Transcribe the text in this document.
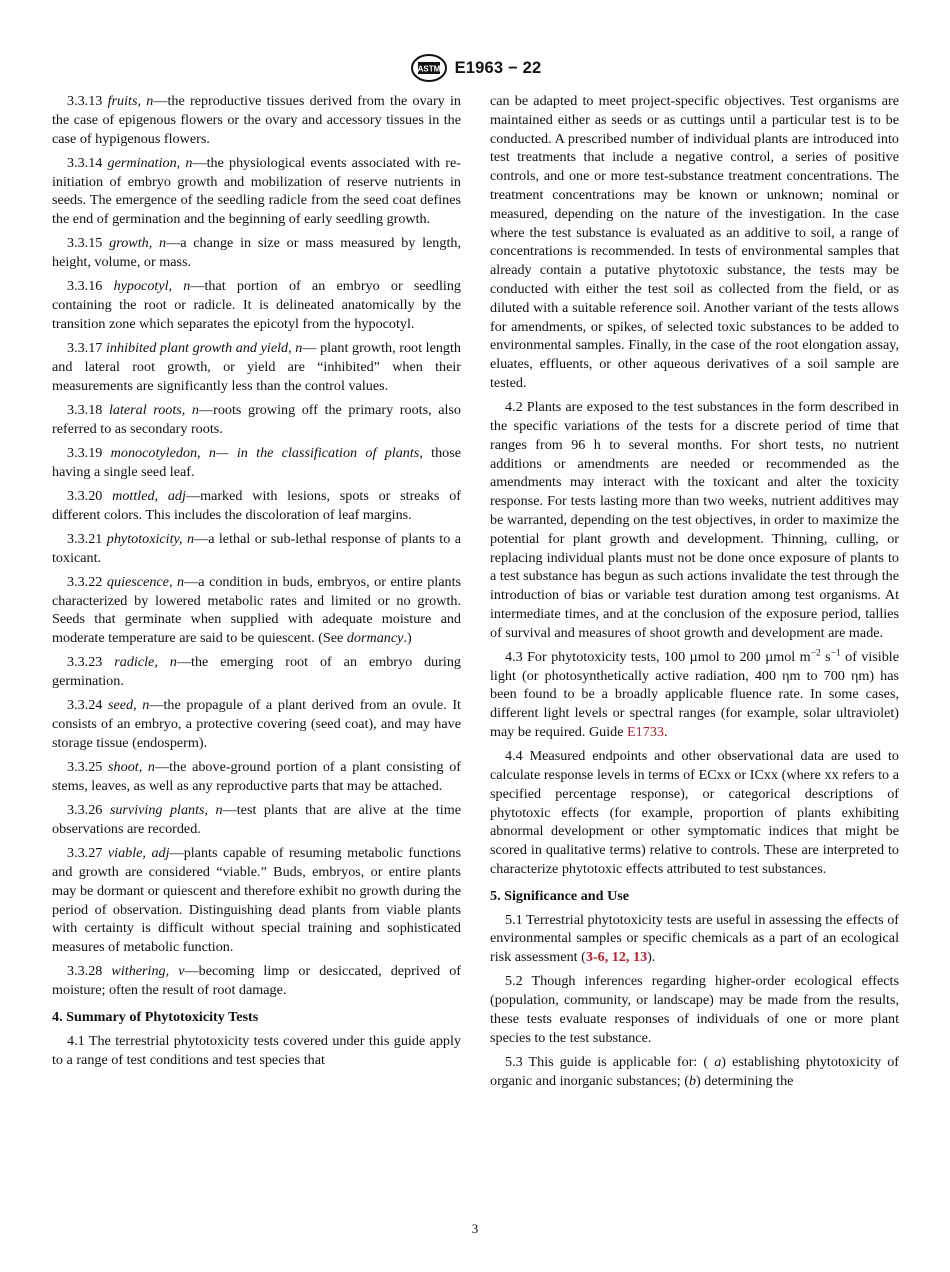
ASTM E1963 − 22

3.3.13 fruits, n—the reproductive tissues derived from the ovary in the case of epigenous flowers or the ovary and accessory tissues in the case of hypigenous flowers.

3.3.14 germination, n—the physiological events associated with re-initiation of embryo growth and mobilization of reserve nutrients in seeds. The emergence of the seedling radicle from the seed coat defines the end of germination and the beginning of early seedling growth.

3.3.15 growth, n—a change in size or mass measured by length, height, volume, or mass.

3.3.16 hypocotyl, n—that portion of an embryo or seedling containing the root or radicle. It is delineated anatomically by the transition zone which separates the epicotyl from the hypocotyl.

3.3.17 inhibited plant growth and yield, n— plant growth, root length and lateral root growth, or yield are “inhibited” when their measurements are significantly less than the control values.

3.3.18 lateral roots, n—roots growing off the primary roots, also referred to as secondary roots.

3.3.19 monocotyledon, n— in the classification of plants, those having a single seed leaf.

3.3.20 mottled, adj—marked with lesions, spots or streaks of different colors. This includes the discoloration of leaf margins.

3.3.21 phytotoxicity, n—a lethal or sub-lethal response of plants to a toxicant.

3.3.22 quiescence, n—a condition in buds, embryos, or entire plants characterized by lowered metabolic rates and limited or no growth. Seeds that germinate when supplied with adequate moisture and moderate temperature are said to be quiescent. (See dormancy.)

3.3.23 radicle, n—the emerging root of an embryo during germination.

3.3.24 seed, n—the propagule of a plant derived from an ovule. It consists of an embryo, a protective covering (seed coat), and may have storage tissue (endosperm).

3.3.25 shoot, n—the above-ground portion of a plant consisting of stems, leaves, as well as any reproductive parts that may be attached.

3.3.26 surviving plants, n—test plants that are alive at the time observations are recorded.

3.3.27 viable, adj—plants capable of resuming metabolic functions and growth are considered “viable.” Buds, embryos, or entire plants may be dormant or quiescent and therefore exhibit no growth during the period of observation. Distinguishing dead plants from viable plants with certainty is difficult without special training and sophisticated measures of metabolic function.

3.3.28 withering, v—becoming limp or desiccated, deprived of moisture; often the result of root damage.

4. Summary of Phytotoxicity Tests

4.1 The terrestrial phytotoxicity tests covered under this guide apply to a range of test conditions and test species that

can be adapted to meet project-specific objectives. Test organisms are maintained either as seeds or as cuttings until a particular test is to be conducted. A prescribed number of individual plants are introduced into test treatments that include a negative control, a series of positive controls, and one or more test-substance treatment concentrations. The treatment concentrations may be known or unknown; nominal or measured, depending on the nature of the investigation. In the case where the test substance is evaluated as an additive to soil, a range of concentrations is recommended. In tests of environmental samples that already contain a putative phytotoxic substance, the tests may be conducted with either the test soil as collected from the field, or as diluted with a suitable reference soil. Another variant of the tests allows for amendments, or spikes, of selected toxic substances to be added to environmental samples. Finally, in the case of the root elongation assay, eluates, effluents, or other aqueous derivatives of a soil sample are tested.

4.2 Plants are exposed to the test substances in the form described in the specific variations of the tests for a discrete period of time that ranges from 96 h to several months. For short tests, no nutrient additions or amendments are needed or recommended as the amendments may interact with the toxicant and alter the toxicity response. For tests lasting more than two weeks, nutrient additives may be warranted, depending on the test objectives, in order to maximize the potential for plant growth and development. Thinning, culling, or replacing individual plants must not be done once exposure of plants to a test substance has begun as such actions invalidate the test through the introduction of bias or variable test duration among test organisms. At intermediate times, and at the conclusion of the exposure period, tallies of survival and measures of shoot growth and development are made.

4.3 For phytotoxicity tests, 100 µmol to 200 µmol $m^{-2}$ $s^{-1}$ of visible light (or photosynthetically active radiation, 400 ηm to 700 ηm) has been found to be a broadly applicable fluence rate. In some cases, different light levels or spectral ranges (for example, solar ultraviolet) may be required. Guide E1733.

4.4 Measured endpoints and other observational data are used to calculate response levels in terms of ECxx or ICxx (where xx refers to a specified percentage response), or categorical descriptions of phytotoxic effects (for example, proportion of plants exhibiting abnormal development or other symptomatic indices that might be scored in qualitative terms) relative to controls. These are interpreted to characterize phytotoxic effects attributed to test substances.

5. Significance and Use

5.1 Terrestrial phytotoxicity tests are useful in assessing the effects of environmental samples or specific chemicals as a part of an ecological risk assessment (3-6, 12, 13).

5.2 Though inferences regarding higher-order ecological effects (population, community, or landscape) may be made from the results, these tests evaluate responses of individuals of one or more plant species to the test substance.

5.3 This guide is applicable for: ( a) establishing phytotoxicity of organic and inorganic substances; (b) determining the

3
